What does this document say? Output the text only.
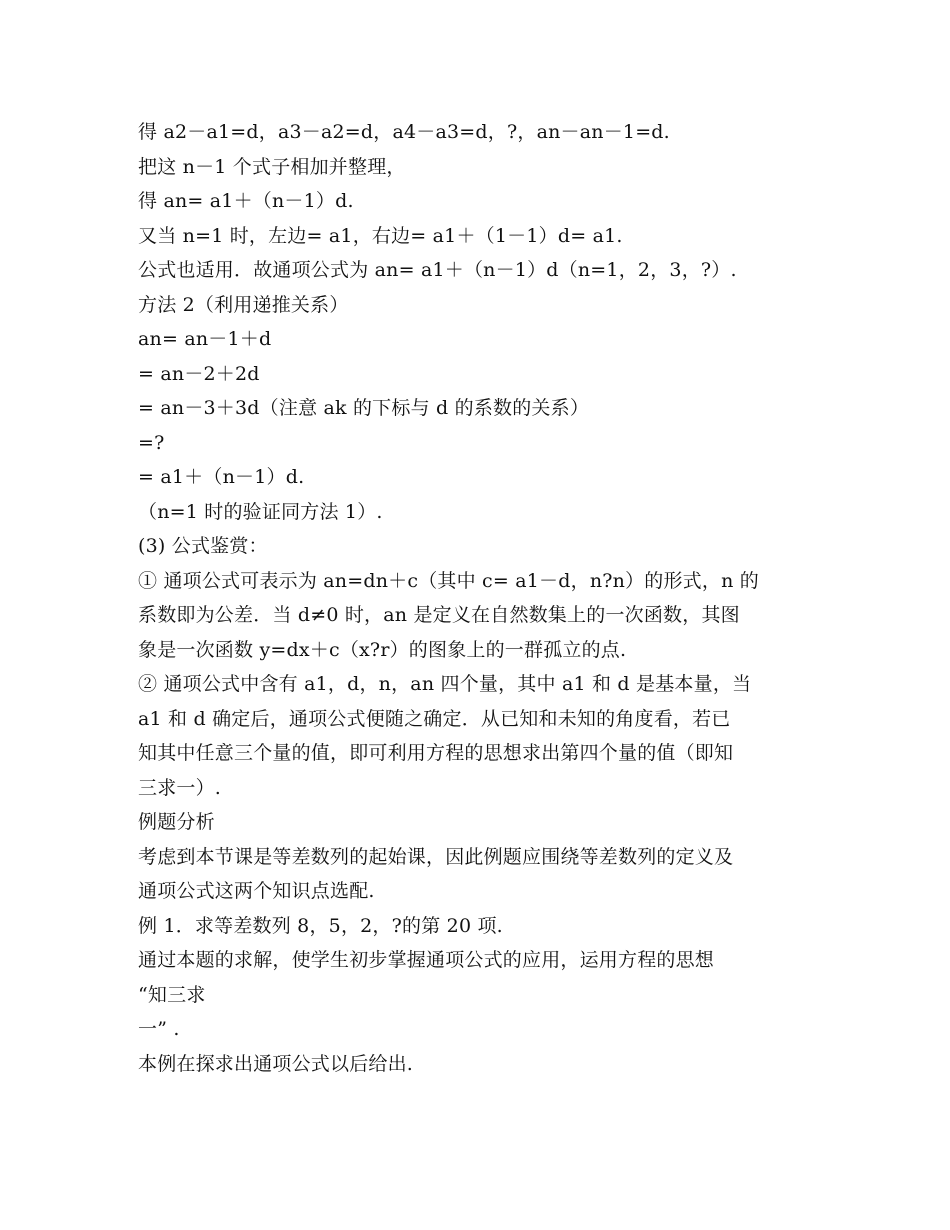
得 a2－a1=d，a3－a2=d，a4－a3=d，?，an－an－1=d.
把这 n－1 个式子相加并整理，
得 an= a1＋（n－1）d.
又当 n=1 时，左边= a1，右边= a1＋（1－1）d= a1.
公式也适用．故通项公式为 an= a1＋（n－1）d（n=1，2，3，?）.
方法 2（利用递推关系）
an= an－1＋d
= an－2＋2d
= an－3＋3d（注意 ak 的下标与 d 的系数的关系）
=?
= a1＋（n－1）d.
（n=1 时的验证同方法 1）.
(3) 公式鉴赏：
① 通项公式可表示为 an=dn＋c（其中 c= a1－d，n?n）的形式，n 的
系数即为公差．当 d≠0 时，an 是定义在自然数集上的一次函数，其图
象是一次函数 y=dx＋c（x?r）的图象上的一群孤立的点.
② 通项公式中含有 a1，d，n，an 四个量，其中 a1 和 d 是基本量，当
a1 和 d 确定后，通项公式便随之确定．从已知和未知的角度看，若已
知其中任意三个量的值，即可利用方程的思想求出第四个量的值（即知
三求一）.
例题分析
考虑到本节课是等差数列的起始课，因此例题应围绕等差数列的定义及
通项公式这两个知识点选配.
例 1．求等差数列 8，5，2，?的第 20 项.
通过本题的求解，使学生初步掌握通项公式的应用，运用方程的思想
“知三求
一” .
本例在探求出通项公式以后给出.
